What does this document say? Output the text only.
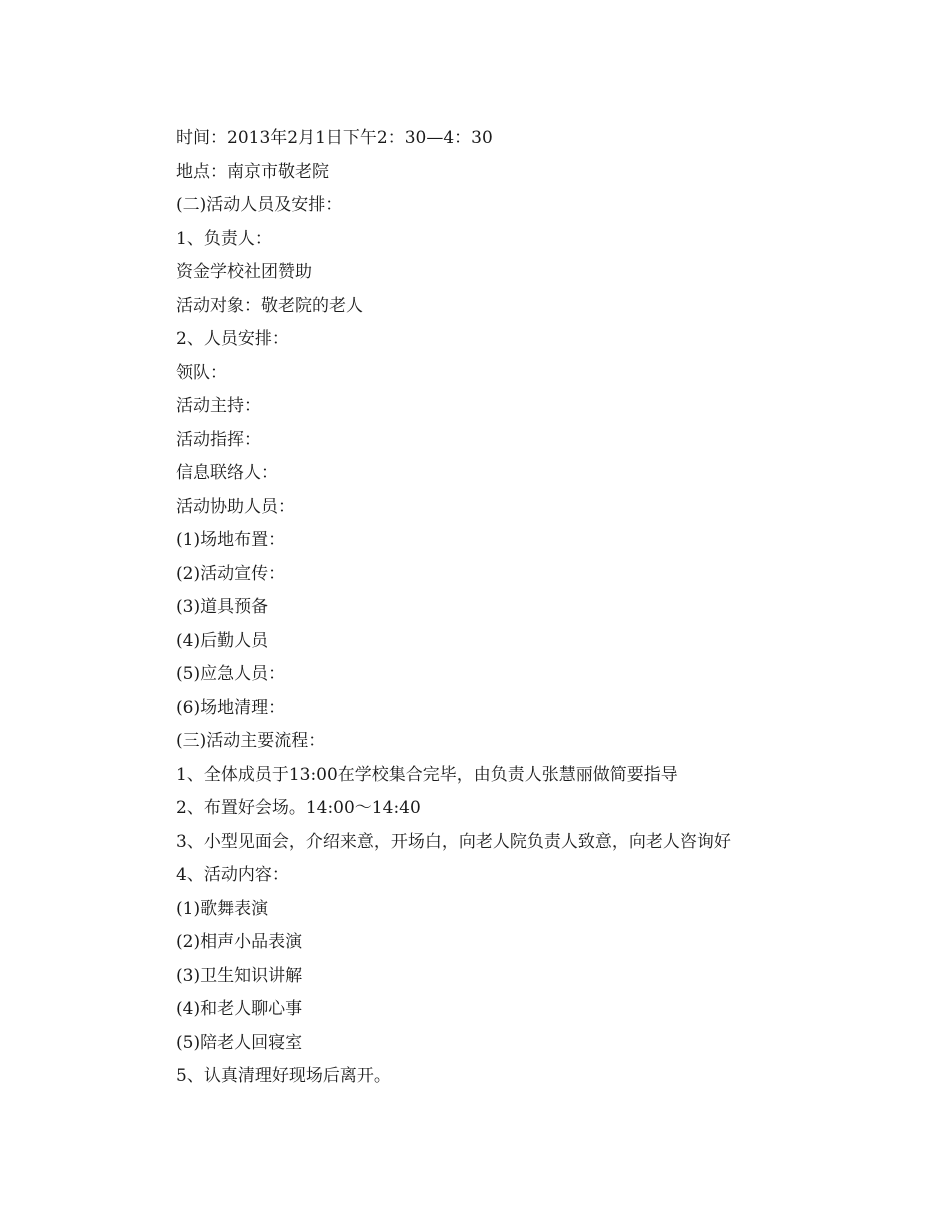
时间：2013年2月1日下午2：30—4：30
地点：南京市敬老院
(二)活动人员及安排：
1、负责人：
资金学校社团赞助
活动对象：敬老院的老人
2、人员安排：
领队：
活动主持：
活动指挥：
信息联络人：
活动协助人员：
(1)场地布置：
(2)活动宣传：
(3)道具预备
(4)后勤人员
(5)应急人员：
(6)场地清理：
(三)活动主要流程：
1、全体成员于13:00在学校集合完毕，由负责人张慧丽做简要指导
2、布置好会场。14:00～14:40
3、小型见面会，介绍来意，开场白，向老人院负责人致意，向老人咨询好
4、活动内容：
(1)歌舞表演
(2)相声小品表演
(3)卫生知识讲解
(4)和老人聊心事
(5)陪老人回寝室
5、认真清理好现场后离开。
